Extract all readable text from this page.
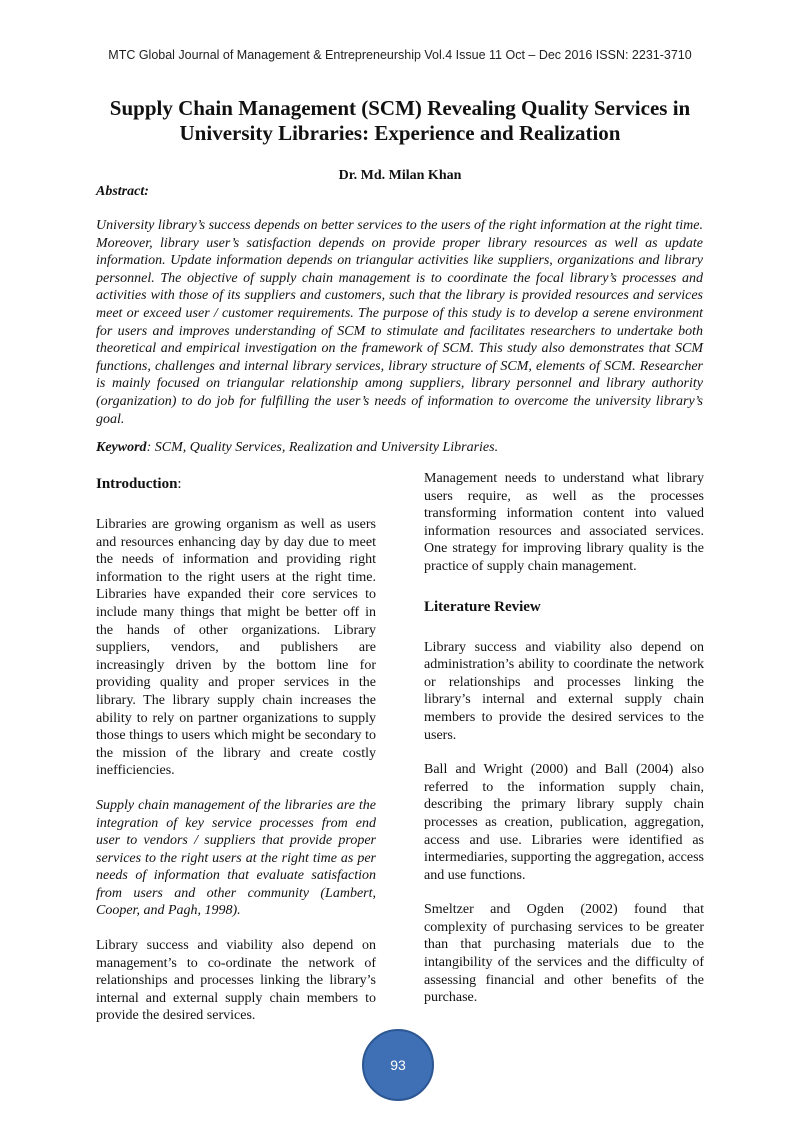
MTC Global Journal of Management & Entrepreneurship Vol.4 Issue 11 Oct – Dec 2016 ISSN: 2231-3710
Supply Chain Management (SCM) Revealing Quality Services in
University Libraries: Experience and Realization
Dr. Md. Milan Khan
Abstract:

University library’s success depends on better services to the users of the right information at the right time. Moreover, library user’s satisfaction depends on provide proper library resources as well as update information. Update information depends on triangular activities like suppliers, organizations and library personnel. The objective of supply chain management is to coordinate the focal library’s processes and activities with those of its suppliers and customers, such that the library is provided resources and services meet or exceed user / customer requirements. The purpose of this study is to develop a serene environment for users and improves understanding of SCM to stimulate and facilitates researchers to undertake both theoretical and empirical investigation on the framework of SCM. This study also demonstrates that SCM functions, challenges and internal library services, library structure of SCM, elements of SCM. Researcher is mainly focused on triangular relationship among suppliers, library personnel and library authority (organization) to do job for fulfilling the user’s needs of information to overcome the university library’s goal.

Keyword: SCM, Quality Services, Realization and University Libraries.

Introduction:

Libraries are growing organism as well as users and resources enhancing day by day due to meet the needs of information and providing right information to the right users at the right time. Libraries have expanded their core services to include many things that might be better off in the hands of other organizations. Library suppliers, vendors, and publishers are increasingly driven by the bottom line for providing quality and proper services in the library. The library supply chain increases the ability to rely on partner organizations to supply those things to users which might be secondary to the mission of the library and create costly inefficiencies.

Supply chain management of the libraries are the integration of key service processes from end user to vendors / suppliers that provide proper services to the right users at the right time as per needs of information that evaluate satisfaction from users and other community (Lambert, Cooper, and Pagh, 1998).

Library success and viability also depend on management’s to co-ordinate the network of relationships and processes linking the library’s internal and external supply chain members to provide the desired services.

Management needs to understand what library users require, as well as the processes transforming information content into valued information resources and associated services. One strategy for improving library quality is the practice of supply chain management.

Literature Review

Library success and viability also depend on administration’s ability to coordinate the network or relationships and processes linking the library’s internal and external supply chain members to provide the desired services to the users.

Ball and Wright (2000) and Ball (2004) also referred to the information supply chain, describing the primary library supply chain processes as creation, publication, aggregation, access and use. Libraries were identified as intermediaries, supporting the aggregation, access and use functions.

Smeltzer and Ogden (2002) found that complexity of purchasing services to be greater than that purchasing materials due to the intangibility of the services and the difficulty of assessing financial and other benefits of the purchase.

93
